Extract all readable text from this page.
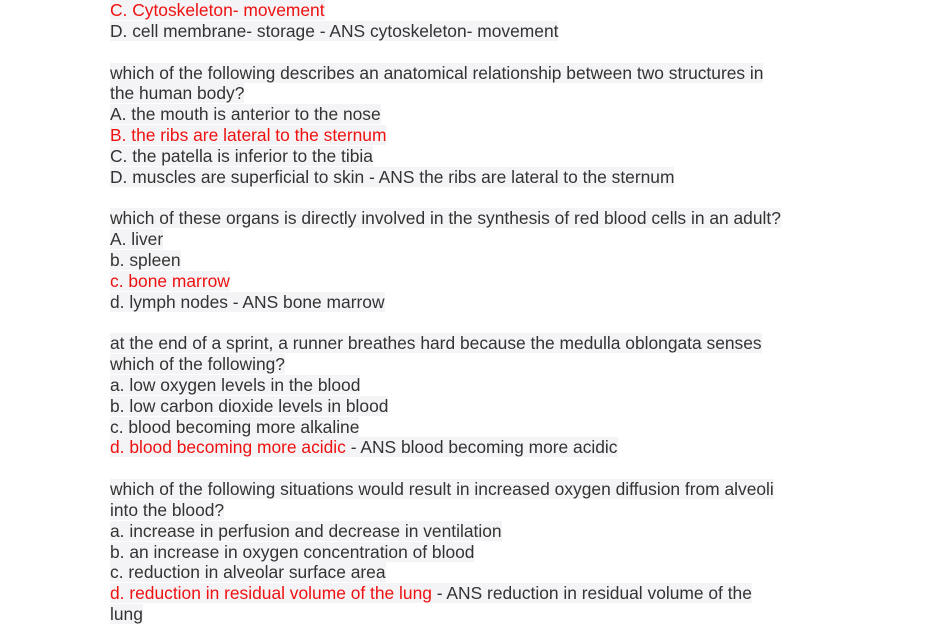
C. Cytoskeleton- movement
D. cell membrane- storage - ANS cytoskeleton- movement
which of the following describes an anatomical relationship between two structures in
the human body?
A. the mouth is anterior to the nose
B. the ribs are lateral to the sternum
C. the patella is inferior to the tibia
D. muscles are superficial to skin - ANS the ribs are lateral to the sternum
which of these organs is directly involved in the synthesis of red blood cells in an adult?
A. liver
b. spleen
c. bone marrow
d. lymph nodes - ANS bone marrow
at the end of a sprint, a runner breathes hard because the medulla oblongata senses
which of the following?
a. low oxygen levels in the blood
b. low carbon dioxide levels in blood
c. blood becoming more alkaline
d. blood becoming more acidic - ANS blood becoming more acidic
which of the following situations would result in increased oxygen diffusion from alveoli
into the blood?
a. increase in perfusion and decrease in ventilation
b. an increase in oxygen concentration of blood
c. reduction in alveolar surface area
d. reduction in residual volume of the lung - ANS reduction in residual volume of the
lung
